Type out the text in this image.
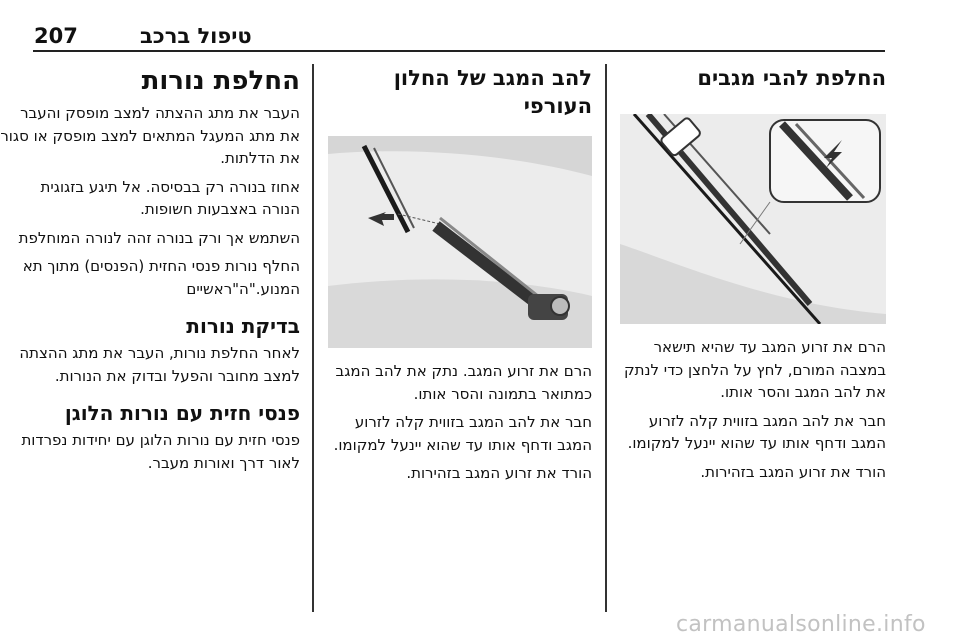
207	טיפול ברכב
החלפת להבי מגבים

הרם את זרוע המגב עד שהיא תישאר במצבה המורם, לחץ על הלחצן כדי לנתק את להב המגב והסר אותו.

חבר את להב המגב בזווית קלה לזרוע המגב ודחף אותו עד שהוא יינעל למקומו.

הורד את זרוע המגב בזהירות.

להב המגב של החלון העורפי

הרם את זרוע המגב. נתק את להב המגב כמתואר בתמונה והסר אותו.

חבר את להב המגב בזווית קלה לזרוע המגב ודחף אותו עד שהוא יינעל למקומו.

הורד את זרוע המגב בזהירות.

החלפת נורות

העבר את מתג ההצתה למצב מופסק והעבר את מתג המעגל המתאים למצב מופסק או סגור את הדלתות.

אחוז בנורה רק בבסיסה. אל תיגע בזגוגית הנורה באצבעות חשופות.

השתמש אך ורק בנורה זהה לנורה המוחלפת

החלף נורות פנסי החזית (הפנסים) מתוך תא המנוע."ה"ראשיים

בדיקת נורות

לאחר החלפת נורות, העבר את מתג ההצתה למצב מחובר והפעל ובדוק את הנורות.

פנסי חזית עם נורות הלוגן

פנסי חזית עם נורות הלוגן עם יחידות נפרדות לאור דרך ואורות מעבר.

carmanualsonline.info
